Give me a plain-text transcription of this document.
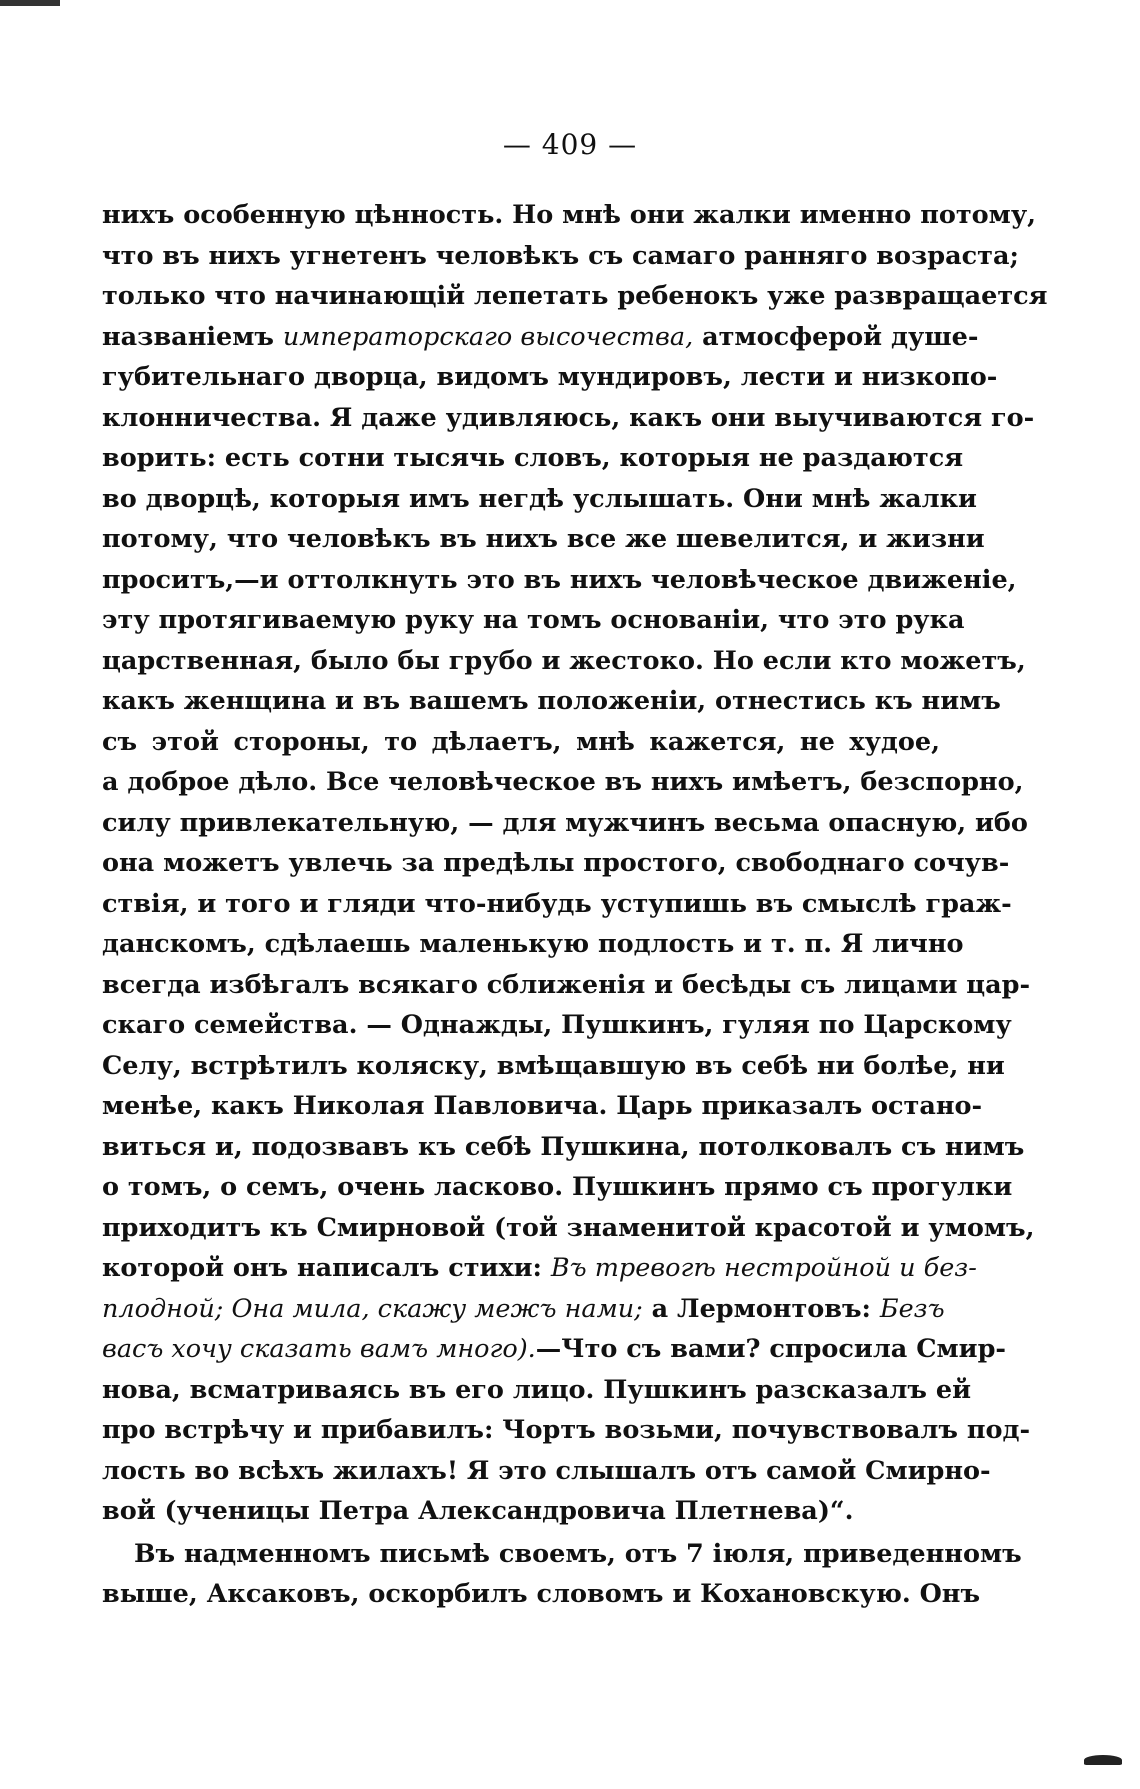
— 409 —
нихъ особенную цѣнность. Но мнѣ они жалки именно потому,
что въ нихъ угнетенъ человѣкъ съ самаго ранняго возраста;
только что начинающій лепетать ребенокъ уже развращается
названіемъ императорскаго высочества, атмосферой душе-
губительнаго дворца, видомъ мундировъ, лести и низкопо-
клонничества. Я даже удивляюсь, какъ они выучиваются го-
ворить: есть сотни тысячь словъ, которыя не раздаются
во дворцѣ, которыя имъ негдѣ услышать. Они мнѣ жалки
потому, что человѣкъ въ нихъ все же шевелится, и жизни
проситъ,—и оттолкнуть это въ нихъ человѣческое движеніе,
эту протягиваемую руку на томъ основаніи, что это рука
царственная, было бы грубо и жестоко. Но если кто можетъ,
какъ женщина и въ вашемъ положеніи, отнестись къ нимъ
съ этой стороны, то дѣлаетъ, мнѣ кажется, не худое,
а доброе дѣло. Все человѣческое въ нихъ имѣетъ, безспорно,
силу привлекательную, — для мужчинъ весьма опасную, ибо
она можетъ увлечь за предѣлы простого, свободнаго сочув-
ствія, и того и гляди что-нибудь уступишь въ смыслѣ граж-
данскомъ, сдѣлаешь маленькую подлость и т. п. Я лично
всегда избѣгалъ всякаго сближенія и бесѣды съ лицами цар-
скаго семейства. — Однажды, Пушкинъ, гуляя по Царскому
Селу, встрѣтилъ коляску, вмѣщавшую въ себѣ ни болѣе, ни
менѣе, какъ Николая Павловича. Царь приказалъ остано-
виться и, подозвавъ къ себѣ Пушкина, потолковалъ съ нимъ
о томъ, о семъ, очень ласково. Пушкинъ прямо съ прогулки
приходитъ къ Смирновой (той знаменитой красотой и умомъ,
которой онъ написалъ стихи: Въ тревогѣ нестройной и без-
плодной; Она мила, скажу межъ нами; а Лермонтовъ: Безъ
васъ хочу сказать вамъ много).—Что съ вами? спросила Смир-
нова, всматриваясь въ его лицо. Пушкинъ разсказалъ ей
про встрѣчу и прибавилъ: Чортъ возьми, почувствовалъ под-
лость во всѣхъ жилахъ! Я это слышалъ отъ самой Смирно-
вой (ученицы Петра Александровича Плетнева)“.
Въ надменномъ письмѣ своемъ, отъ 7 іюля, приведенномъ
выше, Аксаковъ, оскорбилъ словомъ и Кохановскую. Онъ
